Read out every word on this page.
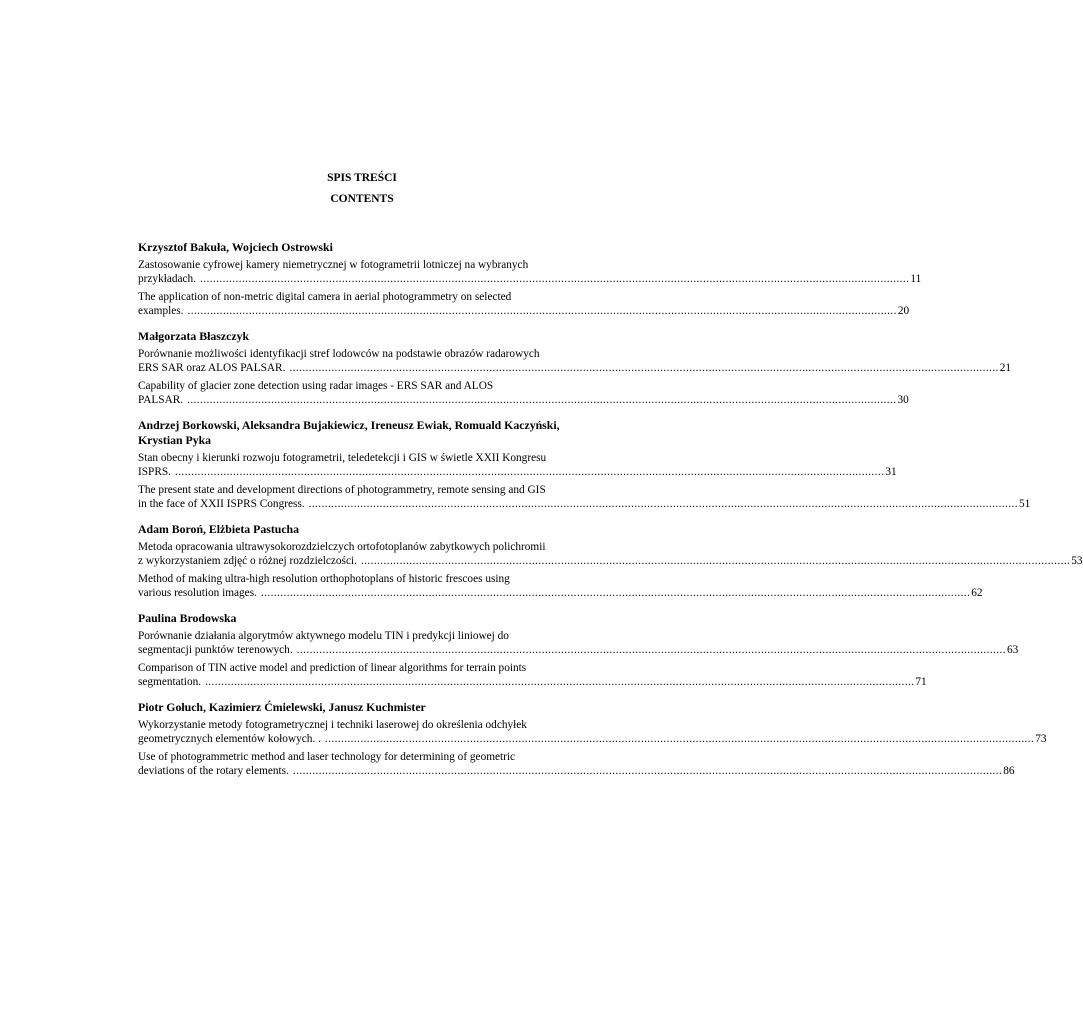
SPIS TREŚCI

CONTENTS

Krzysztof Bakuła, Wojciech Ostrowski
Zastosowanie cyfrowej kamery niemetrycznej w fotogrametrii lotniczej na wybranych
przykładach. ............................................................................................................................................................................................................................ 11
The application of non-metric digital camera in aerial photogrammetry on selected
examples. ............................................................................................................................................................................................................................ 20
Małgorzata Błaszczyk
Porównanie możliwości identyfikacji stref lodowców na podstawie obrazów radarowych
ERS SAR oraz ALOS PALSAR. ............................................................................................................................................................................................................................ 21
Capability of glacier zone detection using radar images - ERS SAR and ALOS
PALSAR. ............................................................................................................................................................................................................................ 30
Andrzej Borkowski, Aleksandra Bujakiewicz, Ireneusz Ewiak, Romuald Kaczyński, Krystian Pyka
Stan obecny i kierunki rozwoju fotogrametrii, teledetekcji i GIS w świetle XXII Kongresu
ISPRS. ............................................................................................................................................................................................................................ 31
The present state and development directions of photogrammetry, remote sensing and GIS
in the face of XXII ISPRS Congress. ............................................................................................................................................................................................................................ 51
Adam Boroń, Elżbieta Pastucha
Metoda opracowania ultrawysokorozdzielczych ortofotoplanów zabytkowych polichromii
z wykorzystaniem zdjęć o różnej rozdzielczości. ............................................................................................................................................................................................................................ 53
Method of making ultra-high resolution orthophotoplans of historic frescoes using
various resolution images. ............................................................................................................................................................................................................................ 62
Paulina Brodowska
Porównanie działania algorytmów aktywnego modelu TIN i predykcji liniowej do
segmentacji punktów terenowych. ............................................................................................................................................................................................................................ 63
Comparison of TIN active model and prediction of linear algorithms for terrain points
segmentation. ............................................................................................................................................................................................................................ 71
Piotr Gołuch, Kazimierz Ćmielewski, Janusz Kuchmister
Wykorzystanie metody fotogrametrycznej i techniki laserowej do określenia odchyłek
geometrycznych elementów kołowych. . ............................................................................................................................................................................................................................ 73
Use of photogrammetric method and laser technology for determining of geometric
deviations of the rotary elements. ............................................................................................................................................................................................................................ 86
